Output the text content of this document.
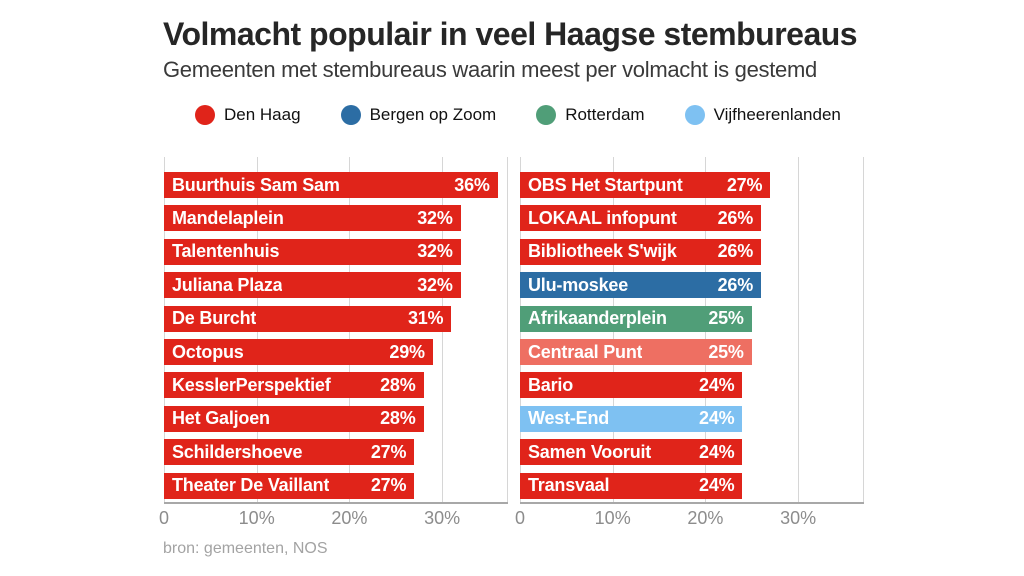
Volmacht populair in veel Haagse stembureaus
Gemeenten met stembureaus waarin meest per volmacht is gestemd
Den Haag	Bergen op Zoom	Rotterdam	Vijfheerenlanden
0	10%	20%	30%
Buurthuis Sam Sam	36%
Mandelaplein	32%
Talentenhuis	32%
Juliana Plaza	32%
De Burcht	31%
Octopus	29%
KesslerPerspektief	28%
Het Galjoen	28%
Schildershoeve	27%
Theater De Vaillant 27%
0	10%	20%	30%
OBS Het Startpunt 27%
LOKAAL infopunt 26%
Bibliotheek S'wijk 26%
Ulu-moskee	26%
Afrikaanderplein 25%
Centraal Punt	25%
Bario	24%
West-End	24%
Samen Vooruit	24%
Transvaal	24%
bron: gemeenten, NOS
